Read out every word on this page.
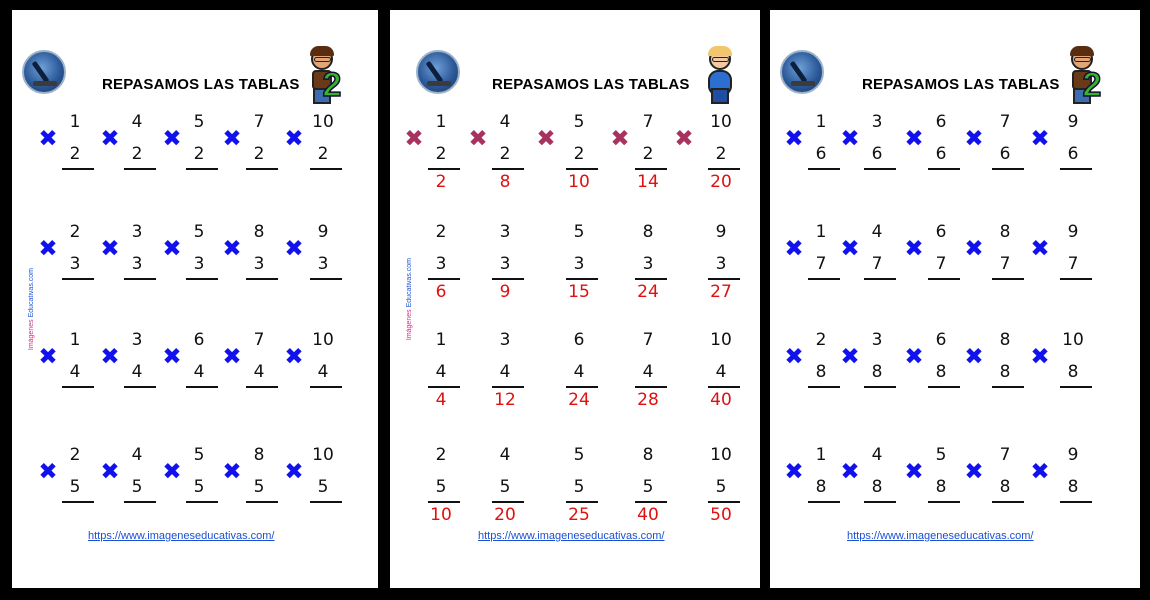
REPASAMOS LAS TABLAS 2
Imágenes Educativas.com
✖
1
2
✖
4
2
✖
5
2
✖
7
2
✖
10
2
✖
2
3
✖
3
3
✖
5
3
✖
8
3
✖
9
3
✖
1
4
✖
3
4
✖
6
4
✖
7
4
✖
10
4
✖
2
5
✖
4
5
✖
5
5
✖
8
5
✖
10
5
https://www.imageneseducativas.com/
REPASAMOS LAS TABLAS
Imágenes Educativas.com
✖
1
2
2
✖
4
2
8
✖
5
2
10
✖
7
2
14
✖
10
2
20
2
3
6
3
3
9
5
3
15
8
3
24
9
3
27
1
4
4
3
4
12
6
4
24
7
4
28
10
4
40
2
5
10
4
5
20
5
5
25
8
5
40
10
5
50
https://www.imageneseducativas.com/
REPASAMOS LAS TABLAS 2
✖
1
6
✖
3
6
✖
6
6
✖
7
6
✖
9
6
✖
1
7
✖
4
7
✖
6
7
✖
8
7
✖
9
7
✖
2
8
✖
3
8
✖
6
8
✖
8
8
✖
10
8
✖
1
8
✖
4
8
✖
5
8
✖
7
8
✖
9
8
https://www.imageneseducativas.com/
